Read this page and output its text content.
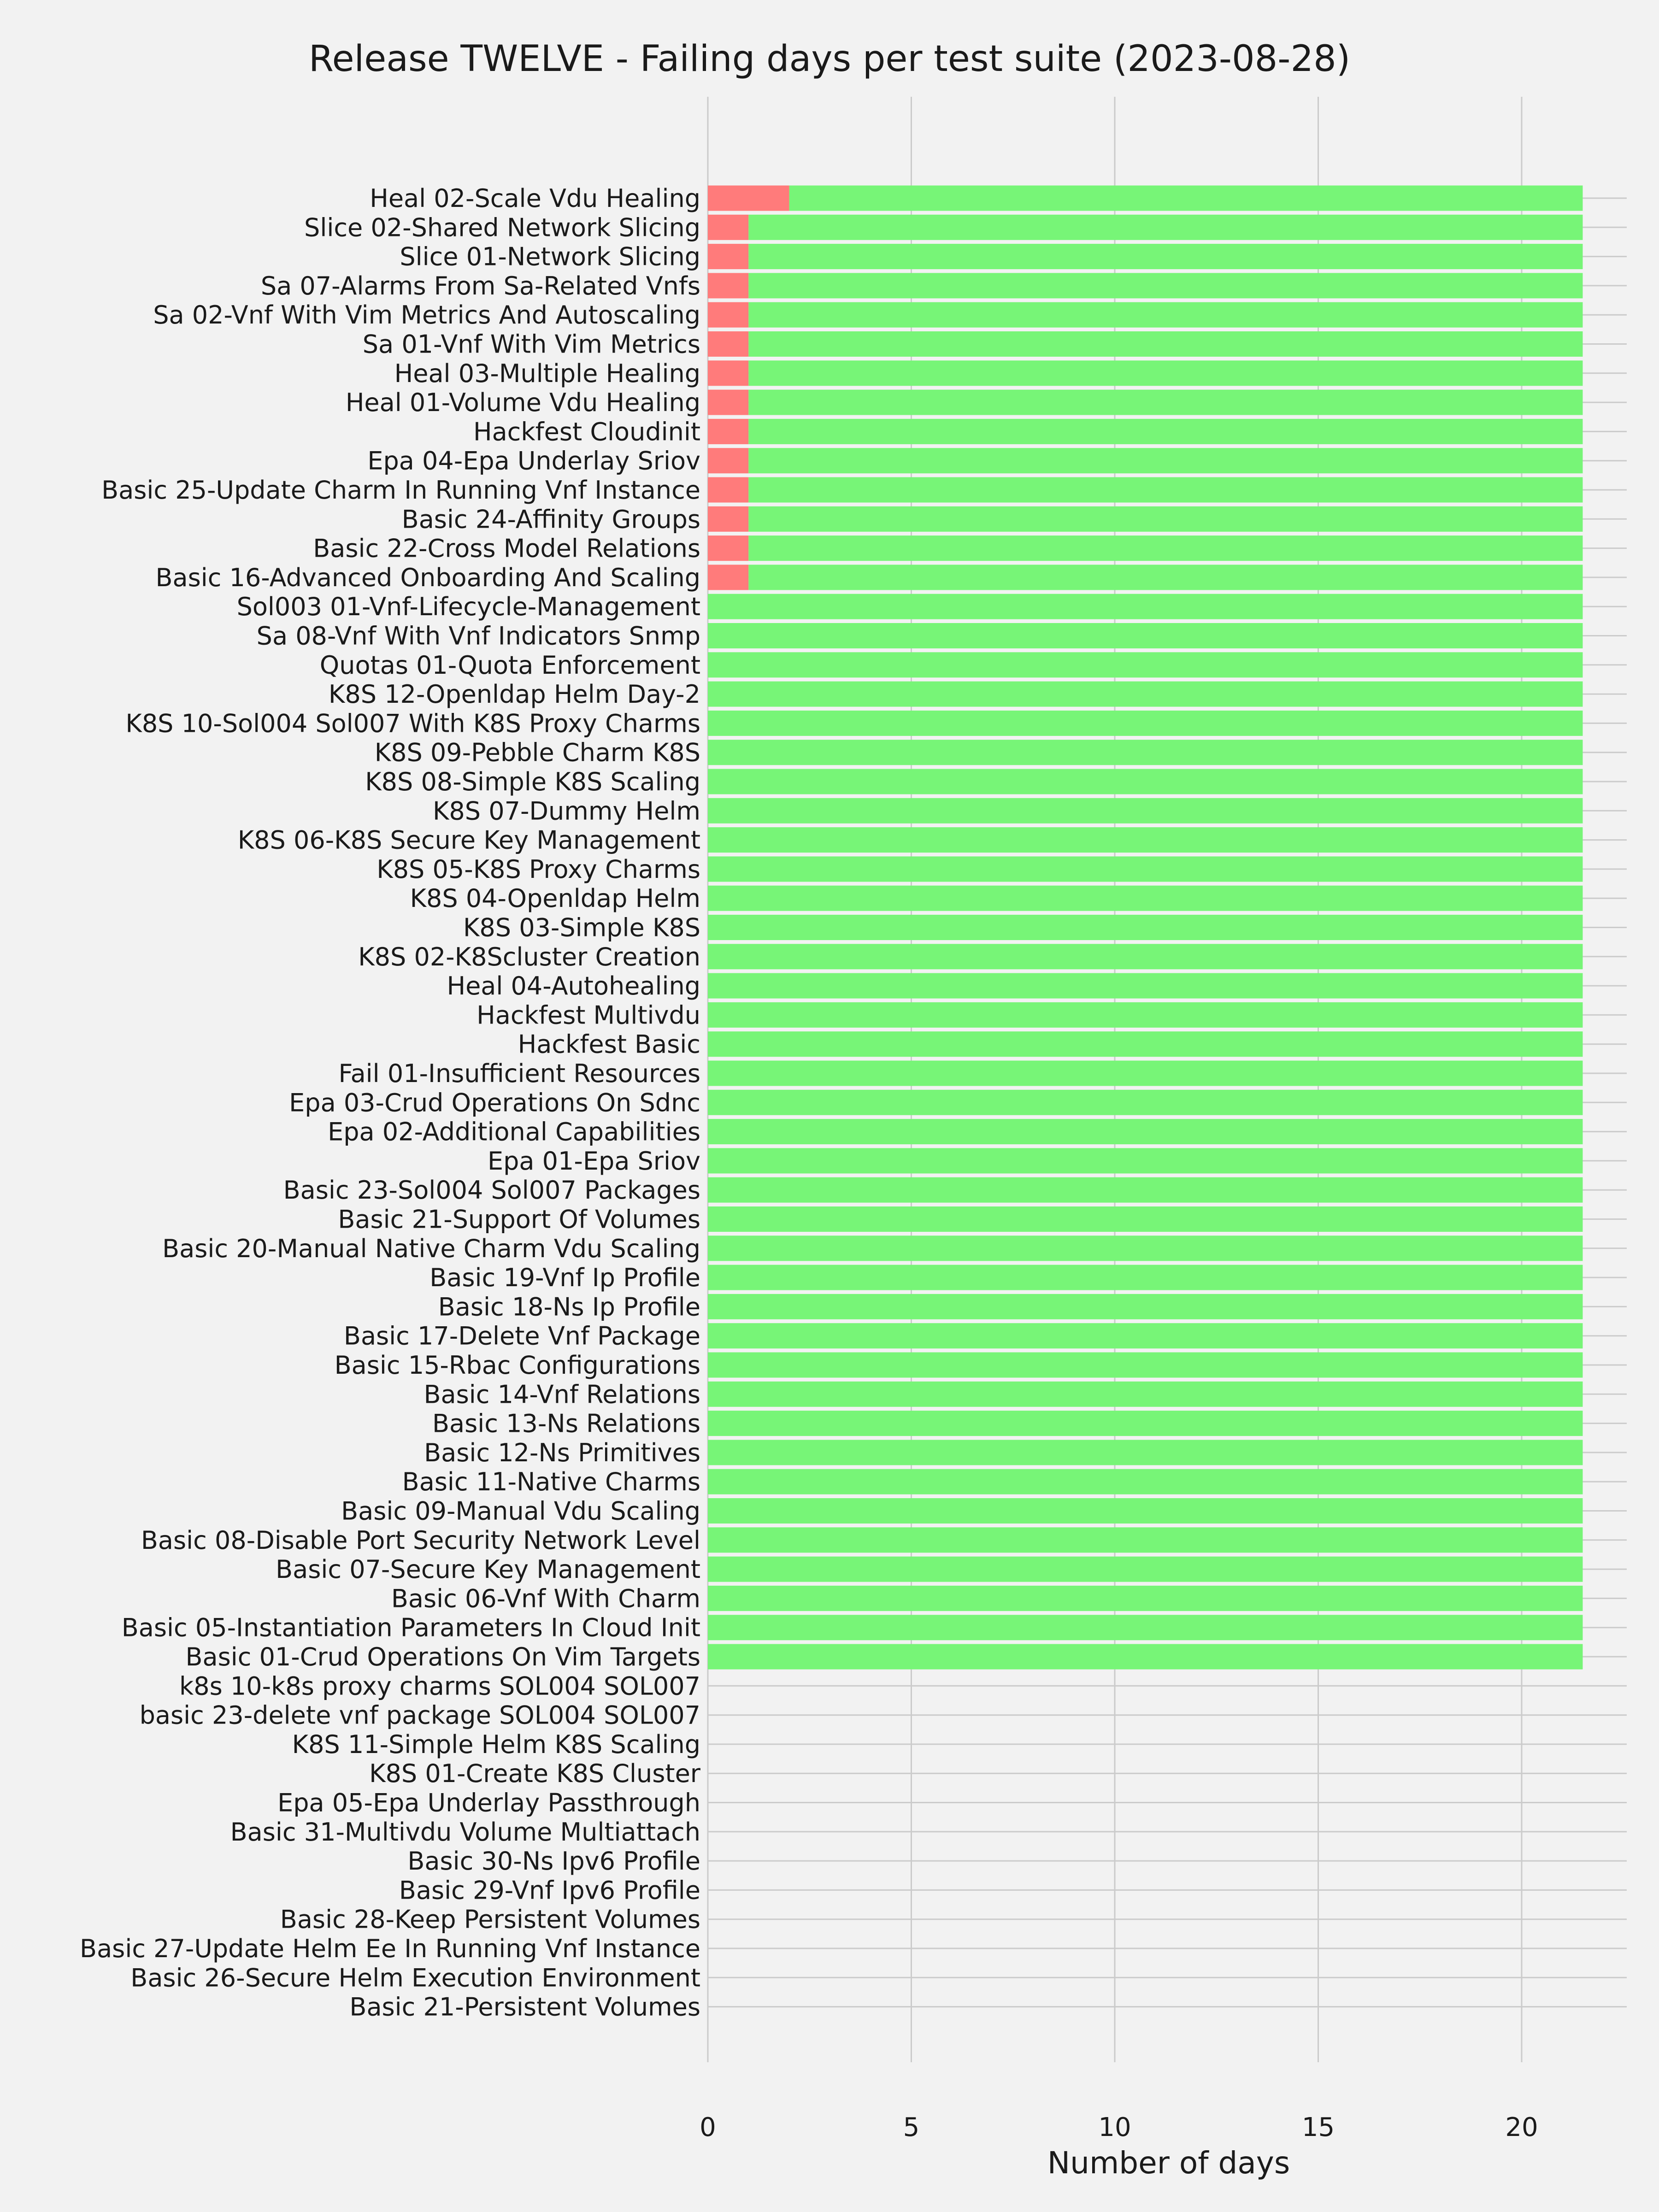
Heal 02-Scale Vdu Healing
Slice 02-Shared Network Slicing
Slice 01-Network Slicing
Sa 07-Alarms From Sa-Related Vnfs
Sa 02-Vnf With Vim Metrics And Autoscaling
Sa 01-Vnf With Vim Metrics
Heal 03-Multiple Healing
Heal 01-Volume Vdu Healing
Hackfest Cloudinit
Epa 04-Epa Underlay Sriov
Basic 25-Update Charm In Running Vnf Instance
Basic 24-Affinity Groups
Basic 22-Cross Model Relations
Basic 16-Advanced Onboarding And Scaling
Sol003 01-Vnf-Lifecycle-Management
Sa 08-Vnf With Vnf Indicators Snmp
Quotas 01-Quota Enforcement
K8S 12-Openldap Helm Day-2
K8S 10-Sol004 Sol007 With K8S Proxy Charms
K8S 09-Pebble Charm K8S
K8S 08-Simple K8S Scaling
K8S 07-Dummy Helm
K8S 06-K8S Secure Key Management
K8S 05-K8S Proxy Charms
K8S 04-Openldap Helm
K8S 03-Simple K8S
K8S 02-K8Scluster Creation
Heal 04-Autohealing
Hackfest Multivdu
Hackfest Basic
Fail 01-Insufficient Resources
Epa 03-Crud Operations On Sdnc
Epa 02-Additional Capabilities
Epa 01-Epa Sriov
Basic 23-Sol004 Sol007 Packages
Basic 21-Support Of Volumes
Basic 20-Manual Native Charm Vdu Scaling
Basic 19-Vnf Ip Profile
Basic 18-Ns Ip Profile
Basic 17-Delete Vnf Package
Basic 15-Rbac Configurations
Basic 14-Vnf Relations
Basic 13-Ns Relations
Basic 12-Ns Primitives
Basic 11-Native Charms
Basic 09-Manual Vdu Scaling
Basic 08-Disable Port Security Network Level
Basic 07-Secure Key Management
Basic 06-Vnf With Charm
Basic 05-Instantiation Parameters In Cloud Init
Basic 01-Crud Operations On Vim Targets
k8s 10-k8s proxy charms SOL004 SOL007
basic 23-delete vnf package SOL004 SOL007
K8S 11-Simple Helm K8S Scaling
K8S 01-Create K8S Cluster
Epa 05-Epa Underlay Passthrough
Basic 31-Multivdu Volume Multiattach
Basic 30-Ns Ipv6 Profile
Basic 29-Vnf Ipv6 Profile
Basic 28-Keep Persistent Volumes
Basic 27-Update Helm Ee In Running Vnf Instance
Basic 26-Secure Helm Execution Environment
Basic 21-Persistent Volumes
0	5	10	15	20
Release TWELVE - Failing days per test suite (2023-08-28)
Number of days
